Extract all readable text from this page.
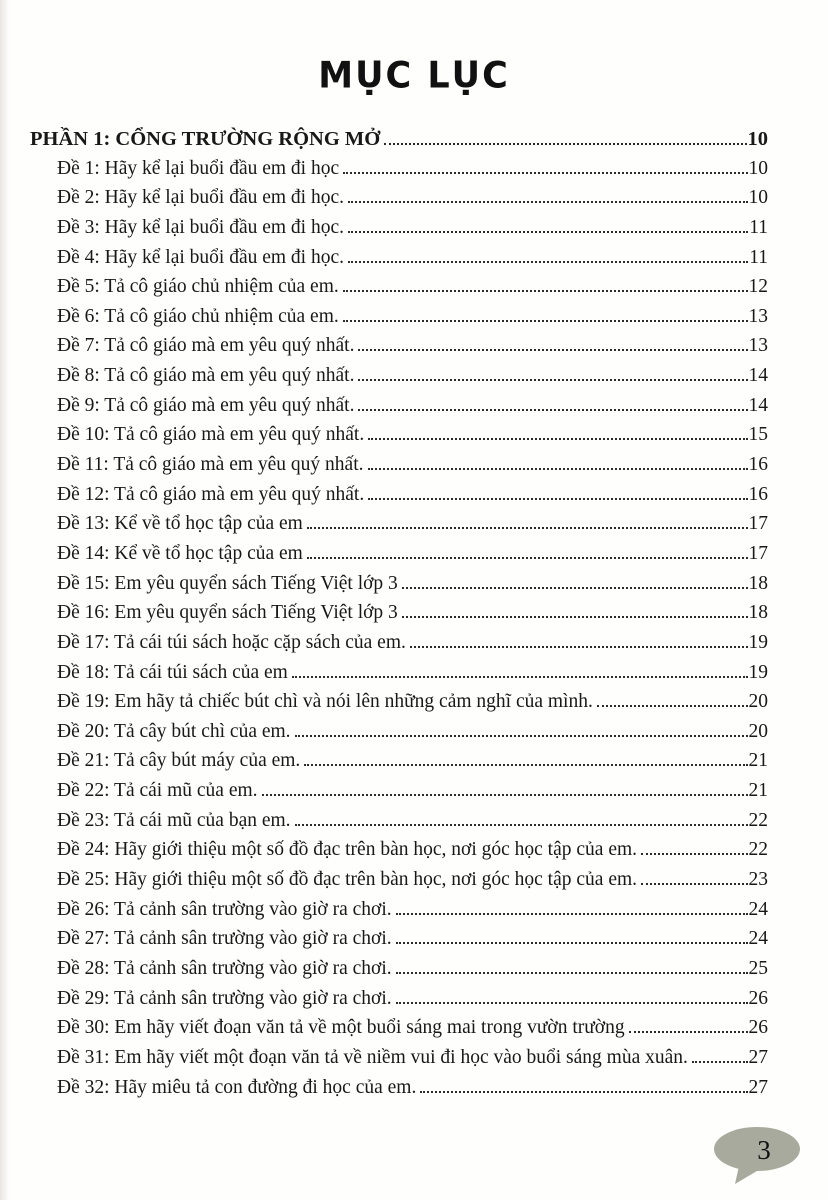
MỤC LỤC
PHẦN 1: CỔNG TRƯỜNG RỘNG MỞ	10
Đề 1: Hãy kể lại buổi đầu em đi học	10
Đề 2: Hãy kể lại buổi đầu em đi học.	10
Đề 3: Hãy kể lại buổi đầu em đi học.	11
Đề 4: Hãy kể lại buổi đầu em đi học.	11
Đề 5: Tả cô giáo chủ nhiệm của em.	12
Đề 6: Tả cô giáo chủ nhiệm của em.	13
Đề 7: Tả cô giáo mà em yêu quý nhất.	13
Đề 8: Tả cô giáo mà em yêu quý nhất.	14
Đề 9: Tả cô giáo mà em yêu quý nhất.	14
Đề 10: Tả cô giáo mà em yêu quý nhất.	15
Đề 11: Tả cô giáo mà em yêu quý nhất.	16
Đề 12: Tả cô giáo mà em yêu quý nhất.	16
Đề 13: Kể về tổ học tập của em	17
Đề 14: Kể về tổ học tập của em	17
Đề 15: Em yêu quyển sách Tiếng Việt lớp 3	18
Đề 16: Em yêu quyển sách Tiếng Việt lớp 3	18
Đề 17: Tả cái túi sách hoặc cặp sách của em.	19
Đề 18: Tả cái túi sách của em	19
Đề 19: Em hãy tả chiếc bút chì và nói lên những cảm nghĩ của mình.	20
Đề 20: Tả cây bút chì của em.	20
Đề 21: Tả cây bút máy của em.	21
Đề 22: Tả cái mũ của em.	21
Đề 23: Tả cái mũ của bạn em.	22
Đề 24: Hãy giới thiệu một số đồ đạc trên bàn học, nơi góc học tập của em.	22
Đề 25: Hãy giới thiệu một số đồ đạc trên bàn học, nơi góc học tập của em.	23
Đề 26: Tả cảnh sân trường vào giờ ra chơi.	24
Đề 27: Tả cảnh sân trường vào giờ ra chơi.	24
Đề 28: Tả cảnh sân trường vào giờ ra chơi.	25
Đề 29: Tả cảnh sân trường vào giờ ra chơi.	26
Đề 30: Em hãy viết đoạn văn tả về một buổi sáng mai trong vườn trường	26
Đề 31: Em hãy viết một đoạn văn tả về niềm vui đi học vào buổi sáng mùa xuân.	27
Đề 32: Hãy miêu tả con đường đi học của em.	27
3
